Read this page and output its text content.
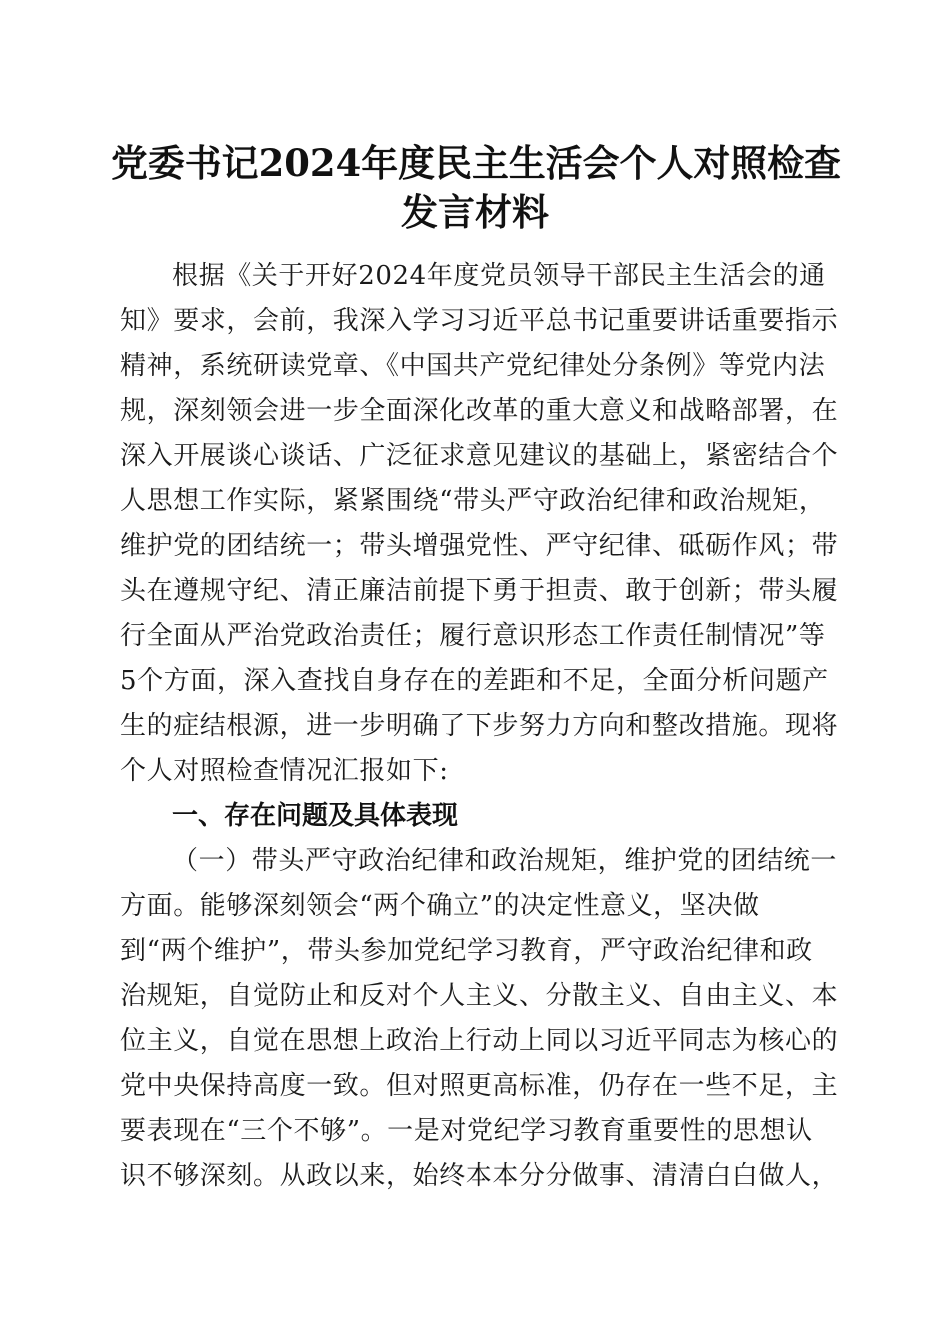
党委书记2024年度民主生活会个人对照检查
发言材料
根据《关于开好2024年度党员领导干部民主生活会的通
知》要求，会前，我深入学习习近平总书记重要讲话重要指示
精神，系统研读党章、《中国共产党纪律处分条例》等党内法
规，深刻领会进一步全面深化改革的重大意义和战略部署，在
深入开展谈心谈话、广泛征求意见建议的基础上，紧密结合个
人思想工作实际，紧紧围绕“带头严守政治纪律和政治规矩，
维护党的团结统一；带头增强党性、严守纪律、砥砺作风；带
头在遵规守纪、清正廉洁前提下勇于担责、敢于创新；带头履
行全面从严治党政治责任；履行意识形态工作责任制情况”等
5个方面，深入查找自身存在的差距和不足，全面分析问题产
生的症结根源，进一步明确了下步努力方向和整改措施。现将
个人对照检查情况汇报如下:
一、存在问题及具体表现
（一）带头严守政治纪律和政治规矩，维护党的团结统一
方面。能够深刻领会“两个确立”的决定性意义，坚决做
到“两个维护”，带头参加党纪学习教育，严守政治纪律和政
治规矩，自觉防止和反对个人主义、分散主义、自由主义、本
位主义，自觉在思想上政治上行动上同以习近平同志为核心的
党中央保持高度一致。但对照更高标准，仍存在一些不足，主
要表现在“三个不够”。一是对党纪学习教育重要性的思想认
识不够深刻。从政以来，始终本本分分做事、清清白白做人，
